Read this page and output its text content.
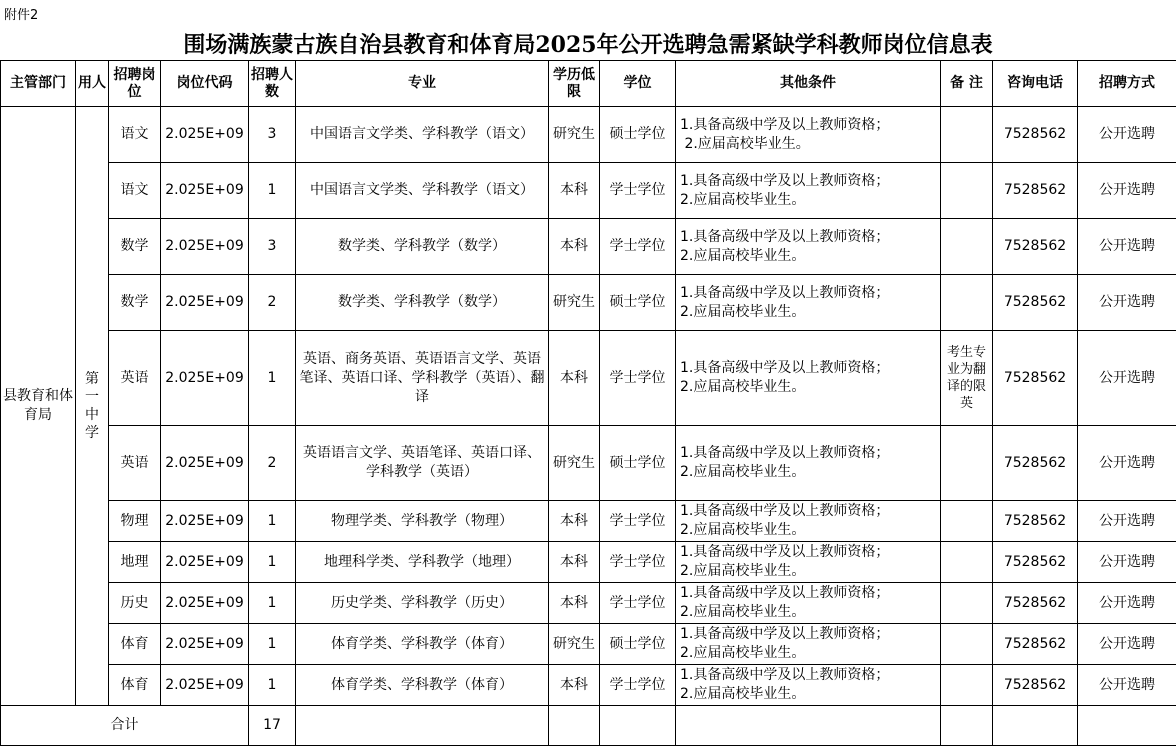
附件2
围场满族蒙古族自治县教育和体育局2025年公开选聘急需紧缺学科教师岗位信息表
主管部门	用人	招聘岗位	岗位代码	招聘人数	专业	学历低限	学位	其他条件	备 注	咨询电话	招聘方式
县教育和体育局	第一中学	语文	2.025E+09	3	中国语言文学类、学科教学（语文）	研究生	硕士学位	1.具备高级中学及以上教师资格；
2.应届高校毕业生。		7528562	公开选聘
		语文	2.025E+09	1	中国语言文学类、学科教学（语文）	本科	学士学位	1.具备高级中学及以上教师资格；
2.应届高校毕业生。		7528562	公开选聘
		数学	2.025E+09	3	数学类、学科教学（数学）	本科	学士学位	1.具备高级中学及以上教师资格；
2.应届高校毕业生。		7528562	公开选聘
		数学	2.025E+09	2	数学类、学科教学（数学）	研究生	硕士学位	1.具备高级中学及以上教师资格；
2.应届高校毕业生。		7528562	公开选聘
		英语	2.025E+09	1	英语、商务英语、英语语言文学、英语笔译、英语口译、学科教学（英语）、翻译	本科	学士学位	1.具备高级中学及以上教师资格；
2.应届高校毕业生。	考生专业为翻译的限英	7528562	公开选聘
		英语	2.025E+09	2	英语语言文学、英语笔译、英语口译、学科教学（英语）	研究生	硕士学位	1.具备高级中学及以上教师资格；
2.应届高校毕业生。		7528562	公开选聘
		物理	2.025E+09	1	物理学类、学科教学（物理）	本科	学士学位	1.具备高级中学及以上教师资格；
2.应届高校毕业生。		7528562	公开选聘
		地理	2.025E+09	1	地理科学类、学科教学（地理）	本科	学士学位	1.具备高级中学及以上教师资格；
2.应届高校毕业生。		7528562	公开选聘
		历史	2.025E+09	1	历史学类、学科教学（历史）	本科	学士学位	1.具备高级中学及以上教师资格；
2.应届高校毕业生。		7528562	公开选聘
		体育	2.025E+09	1	体育学类、学科教学（体育）	研究生	硕士学位	1.具备高级中学及以上教师资格；
2.应届高校毕业生。		7528562	公开选聘
		体育	2.025E+09	1	体育学类、学科教学（体育）	本科	学士学位	1.具备高级中学及以上教师资格；
2.应届高校毕业生。		7528562	公开选聘
合计				17							
